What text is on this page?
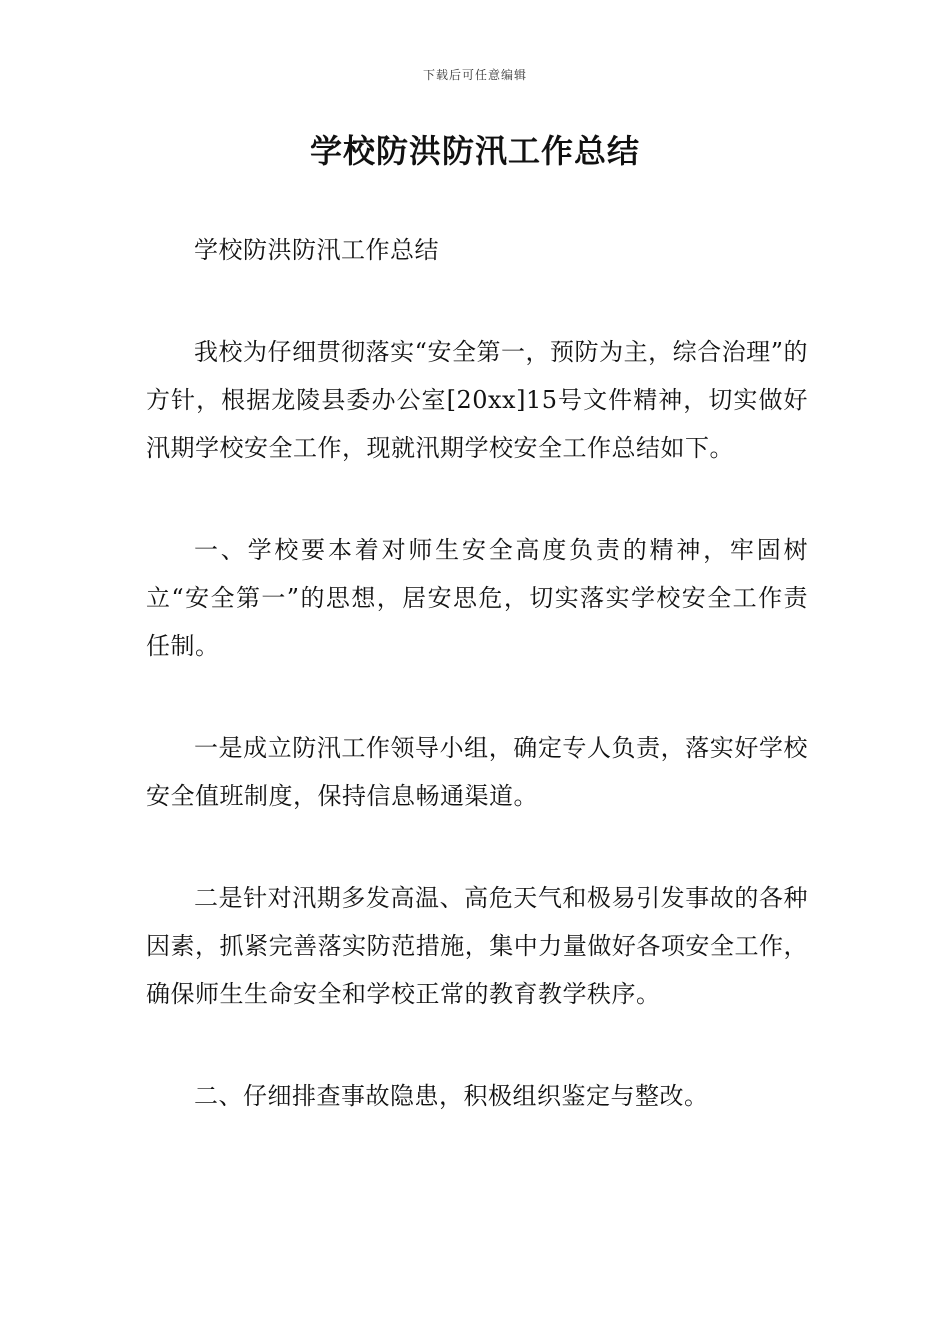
下载后可任意编辑
学校防洪防汛工作总结

学校防洪防汛工作总结

我校为仔细贯彻落实“安全第一，预防为主，综合治理”的方针，根据龙陵县委办公室[20xx]15号文件精神，切实做好汛期学校安全工作，现就汛期学校安全工作总结如下。

一、学校要本着对师生安全高度负责的精神，牢固树立“安全第一”的思想，居安思危，切实落实学校安全工作责任制。

一是成立防汛工作领导小组，确定专人负责，落实好学校安全值班制度，保持信息畅通渠道。

二是针对汛期多发高温、高危天气和极易引发事故的各种因素，抓紧完善落实防范措施，集中力量做好各项安全工作，确保师生生命安全和学校正常的教育教学秩序。

二、仔细排查事故隐患，积极组织鉴定与整改。
